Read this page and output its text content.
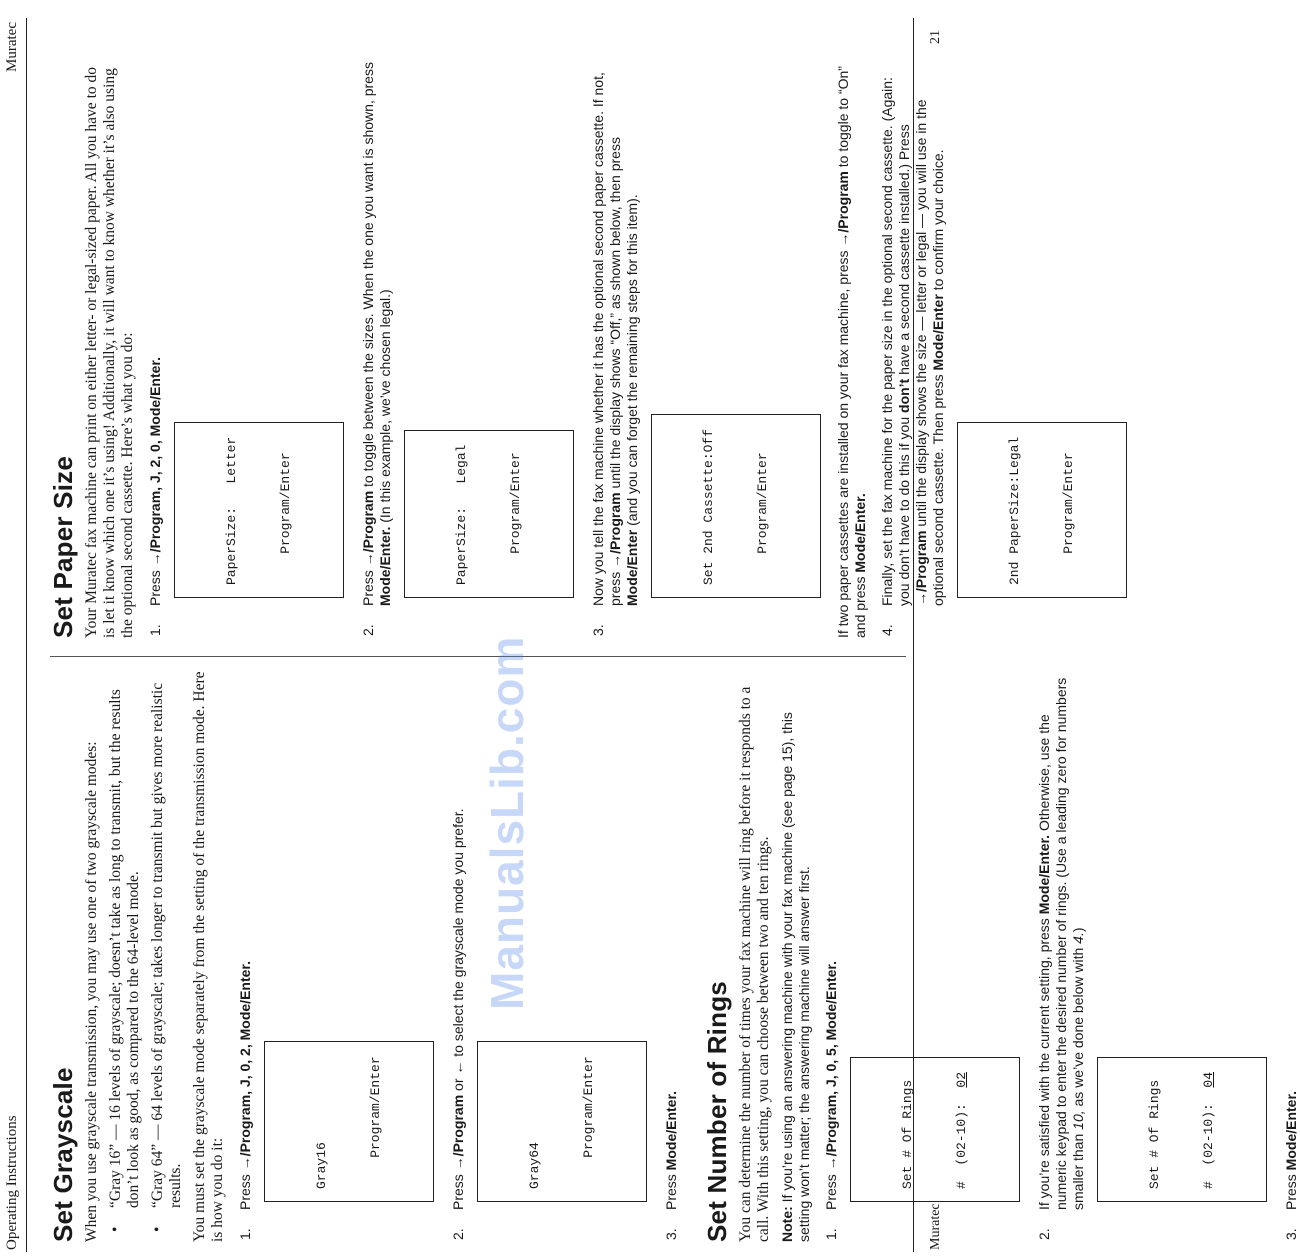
Operating Instructions
Muratec
Set Grayscale When you use grayscale transmission, you may use one of two grayscale modes: •
“Gray 16” — 16 levels of grayscale; doesn’t take as long to transmit, but the results don’t look as good, as compared to the 64-level mode.
•
“Gray 64” — 64 levels of grayscale; takes longer to transmit but gives more realistic results. You must set the grayscale mode separately from the setting of the transmission mode. Here is how you do it: 1.
Press →/Program, J, 0, 2, Mode/Enter.

	Gray16

	Program/Enter

2.
Press →/Program or ← to select the grayscale mode you prefer.

Gray64

	Program/Enter

3.
Press Mode/Enter. Set Number of Rings You can determine the number of times your fax machine will ring before it responds to a call. With this setting, you can choose between two and ten rings. Note: If you’re using an answering machine with your fax machine (see page 15), this setting won’t matter; the answering machine will answer first. 1.
Press →/Program, J, 0, 5, Mode/Enter.

	Set # Of Rings

	#  (02-10):  02

2.
If you’re satisfied with the current setting, press Mode/Enter. Otherwise, use the numeric keypad to enter the desired number of rings. (Use a leading zero for numbers smaller than 10, as we’ve done below with 4.)

Set # Of Rings

	#  (02-10):  04

3.
Press Mode/Enter.
Set Paper Size Your Muratec fax machine can print on either letter- or legal-sized paper. All you have to do is let it know which one it’s using! Additionally, it will want to know whether it’s also using the optional second cassette. Here’s what you do: 1.
Press →/Program, J, 2, 0, Mode/Enter.

	PaperSize:   Letter

	Program/Enter

2.
Press →/Program to toggle between the sizes. When the one you want is shown, press Mode/Enter. (In this example, we’ve chosen legal.)

	PaperSize:   Legal

	Program/Enter

3.
Now you tell the fax machine whether it has the optional second paper cassette. If not, press →/Program until the display shows “Off,” as shown below, then press Mode/Enter (and you can forget the remaining steps for this item).

	Set 2nd Cassette:Off

	Program/Enter

	If two paper cassettes are installed on your fax machine, press →/Program to toggle to “On” and press Mode/Enter.

4.
Finally, set the fax machine for the paper size in the optional second cassette. (Again: you don’t have to do this if you don’t have a second cassette installed.) Press →/Program until the display shows the size — letter or legal — you will use in the optional second cassette. Then press Mode/Enter to confirm your choice.

2nd PaperSize:Legal

	Program/Enter

ManualsLib.com
Muratec
21
